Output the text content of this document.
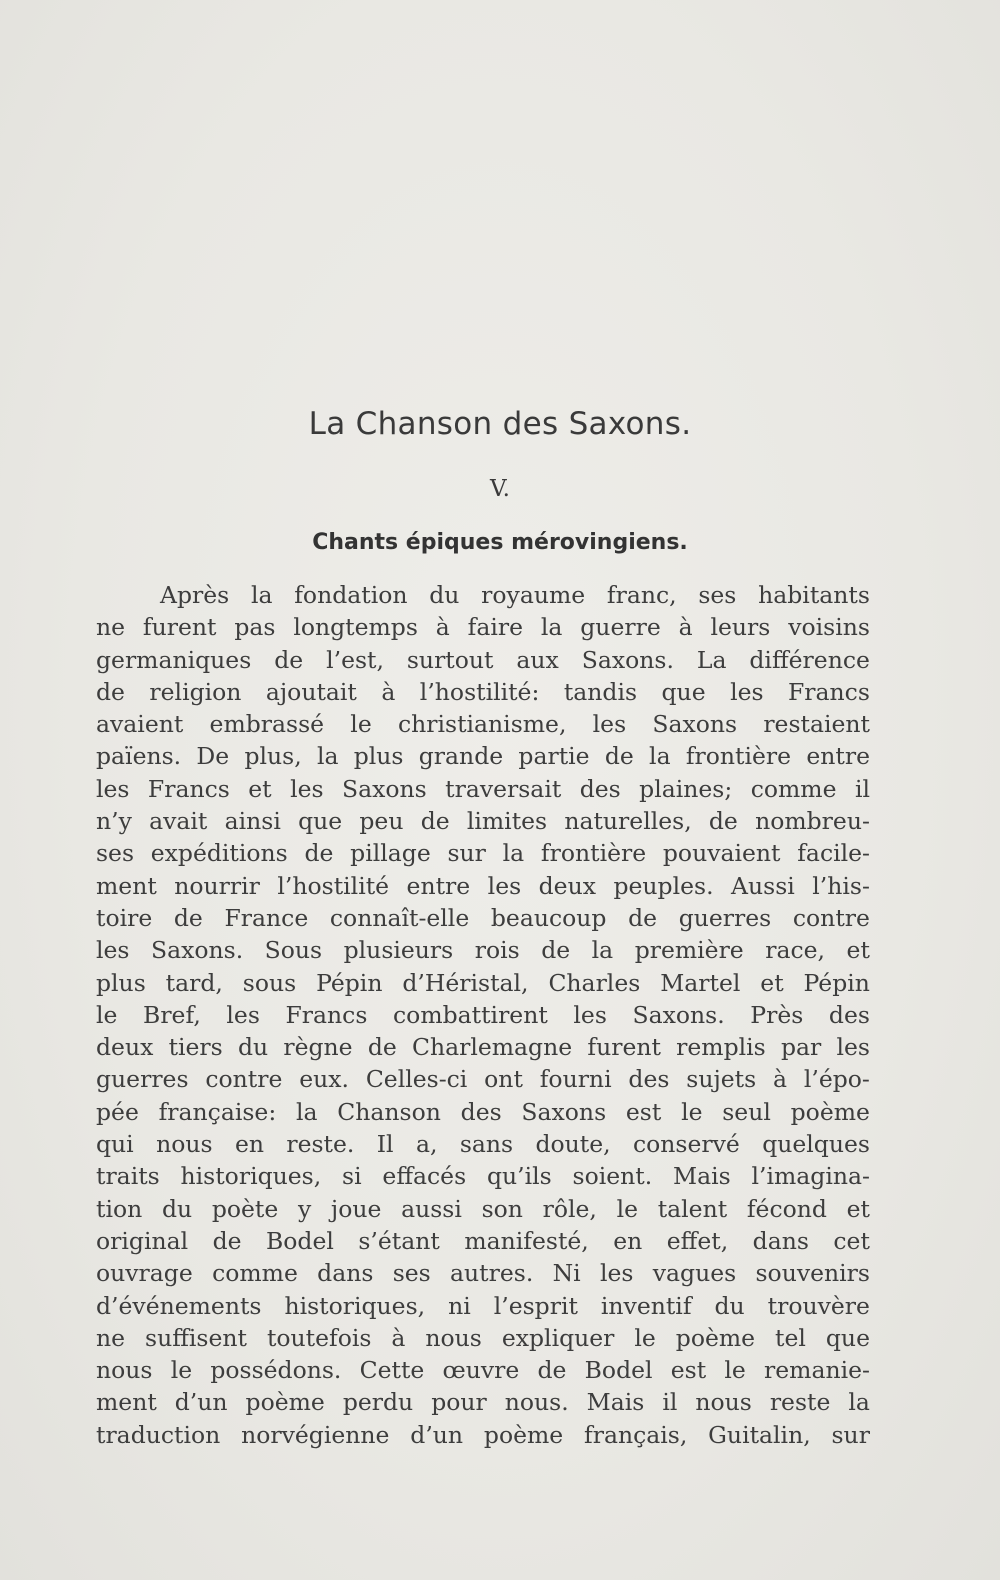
La Chanson des Saxons.
V.
Chants épiques mérovingiens.
Après la fondation du royaume franc, ses habitants
ne furent pas longtemps à faire la guerre à leurs voisins
germaniques de l’est, surtout aux Saxons. La différence
de religion ajoutait à l’hostilité: tandis que les Francs
avaient embrassé le christianisme, les Saxons restaient
païens. De plus, la plus grande partie de la frontière entre
les Francs et les Saxons traversait des plaines; comme il
n’y avait ainsi que peu de limites naturelles, de nombreu-
ses expéditions de pillage sur la frontière pouvaient facile-
ment nourrir l’hostilité entre les deux peuples. Aussi l’his-
toire de France connaît-elle beaucoup de guerres contre
les Saxons. Sous plusieurs rois de la première race, et
plus tard, sous Pépin d’Héristal, Charles Martel et Pépin
le Bref, les Francs combattirent les Saxons. Près des
deux tiers du règne de Charlemagne furent remplis par les
guerres contre eux. Celles-ci ont fourni des sujets à l’épo-
pée française: la Chanson des Saxons est le seul poème
qui nous en reste. Il a, sans doute, conservé quelques
traits historiques, si effacés qu’ils soient. Mais l’imagina-
tion du poète y joue aussi son rôle, le talent fécond et
original de Bodel s’étant manifesté, en effet, dans cet
ouvrage comme dans ses autres. Ni les vagues souvenirs
d’événements historiques, ni l’esprit inventif du trouvère
ne suffisent toutefois à nous expliquer le poème tel que
nous le possédons. Cette œuvre de Bodel est le remanie-
ment d’un poème perdu pour nous. Mais il nous reste la
traduction norvégienne d’un poème français, Guitalin, sur
